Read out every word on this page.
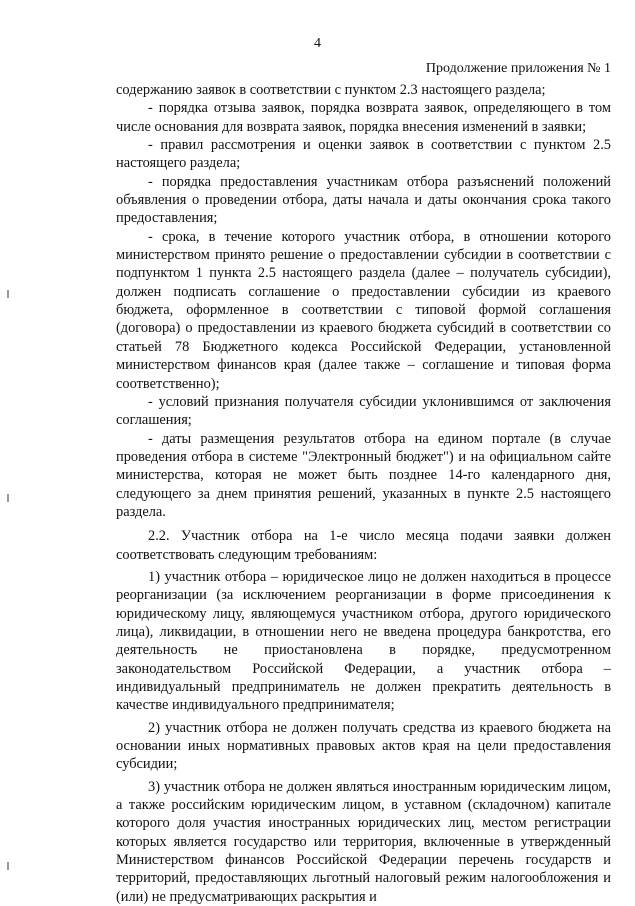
4
Продолжение приложения № 1

содержанию заявок в соответствии с пунктом 2.3 настоящего раздела;

- порядка отзыва заявок, порядка возврата заявок, определяющего в том числе основания для возврата заявок, порядка внесения изменений в заявки;

- правил рассмотрения и оценки заявок в соответствии с пунктом 2.5 настоящего раздела;

- порядка предоставления участникам отбора разъяснений положений объявления о проведении отбора, даты начала и даты окончания срока такого предоставления;

- срока, в течение которого участник отбора, в отношении которого министерством принято решение о предоставлении субсидии в соответствии с подпунктом 1 пункта 2.5 настоящего раздела (далее – получатель субсидии), должен подписать соглашение о предоставлении субсидии из краевого бюджета, оформленное в соответствии с типовой формой соглашения (договора) о предоставлении из краевого бюджета субсидий в соответствии со статьей 78 Бюджетного кодекса Российской Федерации, установленной министерством финансов края (далее также – соглашение и типовая форма соответственно);

- условий признания получателя субсидии уклонившимся от заключения соглашения;

- даты размещения результатов отбора на едином портале (в случае проведения отбора в системе "Электронный бюджет") и на официальном сайте министерства, которая не может быть позднее 14-го календарного дня, следующего за днем принятия решений, указанных в пункте 2.5 настоящего раздела.

2.2. Участник отбора на 1-е число месяца подачи заявки должен соответствовать следующим требованиям:

1) участник отбора – юридическое лицо не должен находиться в процессе реорганизации (за исключением реорганизации в форме присоединения к юридическому лицу, являющемуся участником отбора, другого юридического лица), ликвидации, в отношении него не введена процедура банкротства, его деятельность не приостановлена в порядке, предусмотренном законодательством Российской Федерации, а участник отбора – индивидуальный предприниматель не должен прекратить деятельность в качестве индивидуального предпринимателя;

2) участник отбора не должен получать средства из краевого бюджета на основании иных нормативных правовых актов края на цели предоставления субсидии;

3) участник отбора не должен являться иностранным юридическим лицом, а также российским юридическим лицом, в уставном (складочном) капитале которого доля участия иностранных юридических лиц, местом регистрации которых является государство или территория, включенные в утвержденный Министерством финансов Российской Федерации перечень государств и территорий, предоставляющих льготный налоговый режим налогообложения и (или) не предусматривающих раскрытия и
